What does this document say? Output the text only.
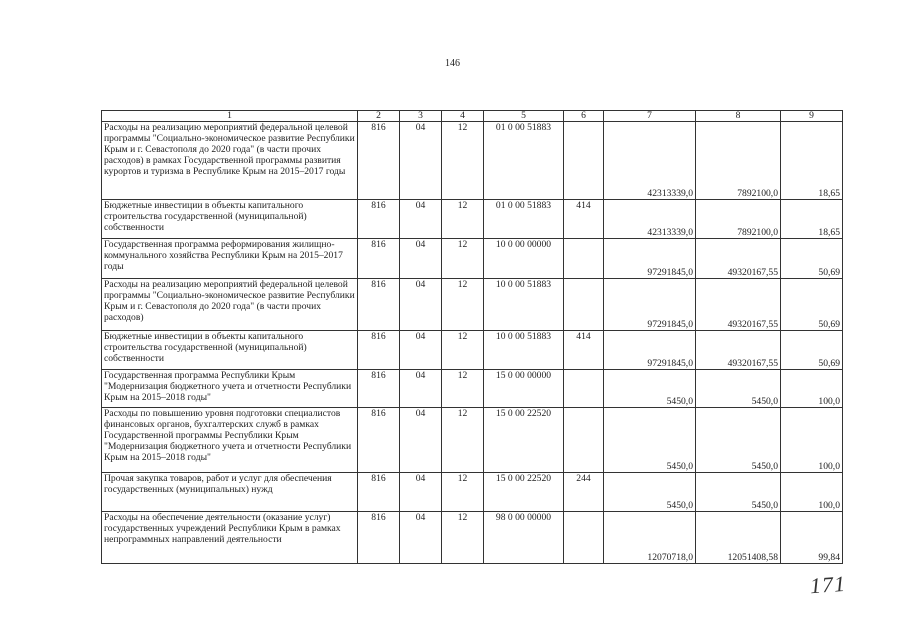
146
1	2	3	4	5	6	7	8	9
Расходы на реализацию мероприятий федеральной целевой программы "Социально-экономическое развитие Республики Крым и г. Севастополя до 2020 года" (в части прочих расходов) в рамках Государственной программы развития курортов и туризма в Республике Крым на 2015–2017 годы	816	04	12	01 0 00 51883		42313339,0	7892100,0	18,65
Бюджетные инвестиции в объекты капитального строительства государственной (муниципальной) собственности	816	04	12	01 0 00 51883	414	42313339,0	7892100,0	18,65
Государственная программа реформирования жилищно-коммунального хозяйства Республики Крым на 2015–2017 годы	816	04	12	10 0 00 00000		97291845,0	49320167,55	50,69
Расходы на реализацию мероприятий федеральной целевой программы "Социально-экономическое развитие Республики Крым и г. Севастополя до 2020 года" (в части прочих расходов)	816	04	12	10 0 00 51883		97291845,0	49320167,55	50,69
Бюджетные инвестиции в объекты капитального строительства государственной (муниципальной) собственности	816	04	12	10 0 00 51883	414	97291845,0	49320167,55	50,69
Государственная программа Республики Крым "Модернизация бюджетного учета и отчетности Республики Крым на 2015–2018 годы"	816	04	12	15 0 00 00000		5450,0	5450,0	100,0
Расходы по повышению уровня подготовки специалистов финансовых органов, бухгалтерских служб в рамках Государственной программы Республики Крым "Модернизация бюджетного учета и отчетности Республики Крым на 2015–2018 годы"	816	04	12	15 0 00 22520		5450,0	5450,0	100,0
Прочая закупка товаров, работ и услуг для обеспечения государственных (муниципальных) нужд	816	04	12	15 0 00 22520	244	5450,0	5450,0	100,0
Расходы на обеспечение деятельности (оказание услуг) государственных учреждений Республики Крым в рамках непрограммных направлений деятельности	816	04	12	98 0 00 00000		12070718,0	12051408,58	99,84
171
